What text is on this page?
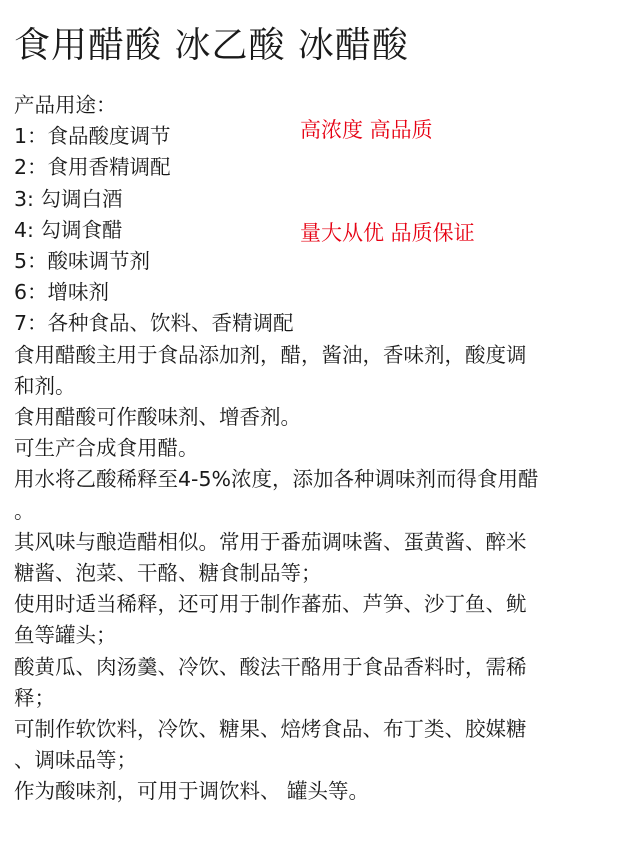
食用醋酸 冰乙酸 冰醋酸
产品用途：
1：食品酸度调节
2：食用香精调配
3: 勾调白酒
4: 勾调食醋
5：酸味调节剂
6：增味剂
7：各种食品、饮料、香精调配
食用醋酸主用于食品添加剂，醋，酱油，香味剂，酸度调
和剂。
食用醋酸可作酸味剂、增香剂。
可生产合成食用醋。
用水将乙酸稀释至4-5%浓度，添加各种调味剂而得食用醋
。
其风味与酿造醋相似。常用于番茄调味酱、蛋黄酱、醉米
糖酱、泡菜、干酪、糖食制品等；
使用时适当稀释，还可用于制作蕃茄、芦笋、沙丁鱼、鱿
鱼等罐头；
酸黄瓜、肉汤羹、冷饮、酸法干酪用于食品香料时，需稀
释；
可制作软饮料，冷饮、糖果、焙烤食品、布丁类、胶媒糖
、调味品等；
作为酸味剂，可用于调饮料、 罐头等。
高浓度 高品质
量大从优 品质保证
